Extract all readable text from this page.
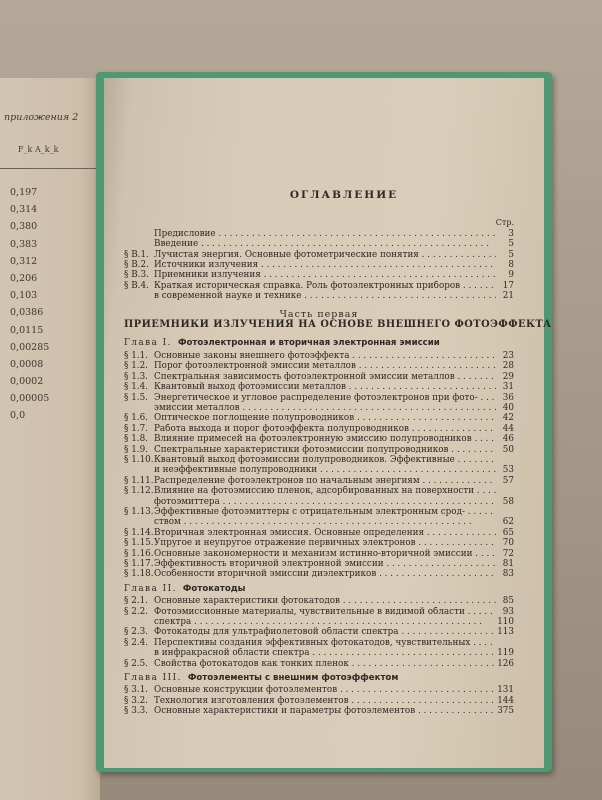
приложения 2
F_k A_k_k
0,197
0,314
0,380
0,383
0,312
0,206
0,103
0,0386
0,0115
0,00285
0,0008
0,0002
0,00005
0,0
ОГЛАВЛЕНИЕ
Стр.
Предисловие . . .	3
Введение . . .	5
§ В.1. Лучистая энергия. Основные фотометрические понятия . . .	5
§ В.2. Источники излучения . . .	8
§ В.3. Приемники излучения . . .	9
§ В.4. Краткая историческая справка. Роль фотоэлектронных приборов . . .	17
в современной науке и технике . . .	21
Часть первая
ПРИЕМНИКИ ИЗЛУЧЕНИЯ НА ОСНОВЕ ВНЕШНЕГО ФОТОЭФФЕКТА
Глава I. Фотоэлектронная и вторичная электронная эмиссии
§ 1.1. Основные законы внешнего фотоэффекта . . .	23
§ 1.2. Порог фотоэлектронной эмиссии металлов . . .	28
§ 1.3. Спектральная зависимость фотоэлектронной эмиссии металлов . . .	29
§ 1.4. Квантовый выход фотоэмиссии металлов . . .	31
§ 1.5. Энергетическое и угловое распределение фотоэлектронов при фото- . . .	36
эмиссии металлов . . .	40
§ 1.6. Оптическое поглощение полупроводников . . .	42
§ 1.7. Работа выхода и порог фотоэффекта полупроводников . . .	44
§ 1.8. Влияние примесей на фотоэлектронную эмиссию полупроводников . . .	46
§ 1.9. Спектральные характеристики фотоэмиссии полупроводников . . .	50
§ 1.10. Квантовый выход фотоэмиссии полупроводников. Эффективные . . .
и неэффективные полупроводники . . .	53
§ 1.11. Распределение фотоэлектронов по начальным энергиям . . .	57
§ 1.12. Влияние на фотоэмиссию пленок, адсорбированных на поверхности . . .
фотоэмиттера . . .	58
§ 1.13. Эффективные фотоэмиттеры с отрицательным электронным срод- . . .
ством . . .	62
§ 1.14. Вторичная электронная эмиссия. Основные определения . . .	65
§ 1.15. Упругое и неупругое отражение первичных электронов . . .	70
§ 1.16. Основные закономерности и механизм истинно-вторичной эмиссии . . .	72
§ 1.17. Эффективность вторичной электронной эмиссии . . .	81
§ 1.18. Особенности вторичной эмиссии диэлектриков . . .	83
Глава II. Фотокатоды
§ 2.1. Основные характеристики фотокатодов . . .	85
§ 2.2. Фотоэмиссионные материалы, чувствительные в видимой области . . .	93
спектра . . .	110
§ 2.3. Фотокатоды для ультрафиолетовой области спектра . . .	113
§ 2.4. Перспективы создания эффективных фотокатодов, чувствительных . . .
в инфракрасной области спектра . . .	119
§ 2.5. Свойства фотокатодов как тонких пленок . . .	126
Глава III. Фотоэлементы с внешним фотоэффектом
§ 3.1. Основные конструкции фотоэлементов . . .	131
§ 3.2. Технология изготовления фотоэлементов . . .	144
§ 3.3. Основные характеристики и параметры фотоэлементов . . .	375
